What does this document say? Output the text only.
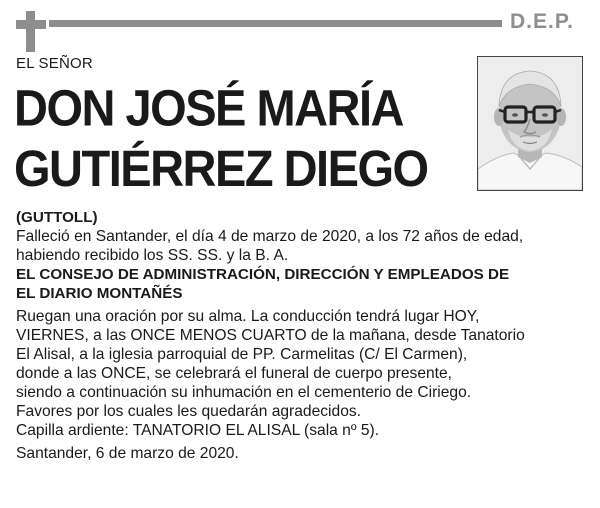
D.E.P.
EL SEÑOR
DON JOSÉ MARÍA
GUTIÉRREZ DIEGO

(GUTTOLL)

Falleció en Santander, el día 4 de marzo de 2020, a los 72 años de edad,

habiendo recibido los SS. SS. y la B. A.

EL CONSEJO DE ADMINISTRACIÓN, DIRECCIÓN Y EMPLEADOS DE

EL DIARIO MONTAÑÉS

Ruegan una oración por su alma. La conducción tendrá lugar HOY,

VIERNES, a las ONCE MENOS CUARTO de la mañana, desde Tanatorio

El Alisal, a la iglesia parroquial de PP. Carmelitas (C/ El Carmen),

donde a las ONCE, se celebrará el funeral de cuerpo presente,

siendo a continuación su inhumación en el cementerio de Ciriego.

Favores por los cuales les quedarán agradecidos.

Capilla ardiente: TANATORIO EL ALISAL (sala nº 5).

Santander, 6 de marzo de 2020.
